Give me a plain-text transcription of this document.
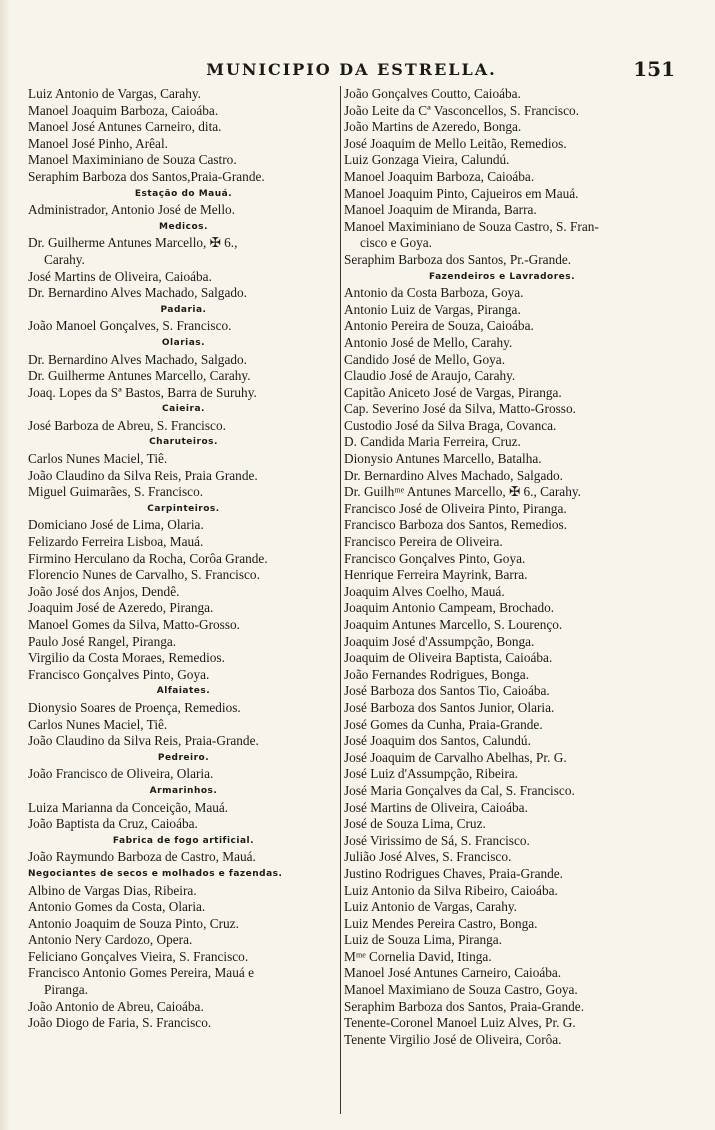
MUNICIPIO DA ESTRELLA.	151
Luiz Antonio de Vargas, Carahy.
Manoel Joaquim Barboza, Caioába.
Manoel José Antunes Carneiro, dita.
Manoel José Pinho, Arêal.
Manoel Maximiniano de Souza Castro.
Seraphim Barboza dos Santos,Praia-Grande.
Estação do Mauá.
Administrador, Antonio José de Mello.
Medicos.
Dr. Guilherme Antunes Marcello, ✠ 6.,
Carahy.
José Martins de Oliveira, Caioába.
Dr. Bernardino Alves Machado, Salgado.
Padaria.
João Manoel Gonçalves, S. Francisco.
Olarias.
Dr. Bernardino Alves Machado, Salgado.
Dr. Guilherme Antunes Marcello, Carahy.
Joaq. Lopes da Sª Bastos, Barra de Suruhy.
Caieira.
José Barboza de Abreu, S. Francisco.
Charuteiros.
Carlos Nunes Maciel, Tiê.
João Claudino da Silva Reis, Praia Grande.
Miguel Guimarães, S. Francisco.
Carpinteiros.
Domiciano José de Lima, Olaria.
Felizardo Ferreira Lisboa, Mauá.
Firmino Herculano da Rocha, Corôa Grande.
Florencio Nunes de Carvalho, S. Francisco.
João José dos Anjos, Dendê.
Joaquim José de Azeredo, Piranga.
Manoel Gomes da Silva, Matto-Grosso.
Paulo José Rangel, Piranga.
Virgilio da Costa Moraes, Remedios.
Francisco Gonçalves Pinto, Goya.
Alfaiates.
Dionysio Soares de Proença, Remedios.
Carlos Nunes Maciel, Tiê.
João Claudino da Silva Reis, Praia-Grande.
Pedreiro.
João Francisco de Oliveira, Olaria.
Armarinhos.
Luiza Marianna da Conceição, Mauá.
João Baptista da Cruz, Caioába.
Fabrica de fogo artificial.
João Raymundo Barboza de Castro, Mauá.
Negociantes de secos e molhados e fazendas.
Albino de Vargas Dias, Ribeira.
Antonio Gomes da Costa, Olaria.
Antonio Joaquim de Souza Pinto, Cruz.
Antonio Nery Cardozo, Opera.
Feliciano Gonçalves Vieira, S. Francisco.
Francisco Antonio Gomes Pereira, Mauá e
Piranga.
João Antonio de Abreu, Caioába.
João Diogo de Faria, S. Francisco.
João Gonçalves Coutto, Caioába.
João Leite da Cª Vasconcellos, S. Francisco.
João Martins de Azeredo, Bonga.
José Joaquim de Mello Leitão, Remedios.
Luiz Gonzaga Vieira, Calundú.
Manoel Joaquim Barboza, Caioába.
Manoel Joaquim Pinto, Cajueiros em Mauá.
Manoel Joaquim de Miranda, Barra.
Manoel Maximiniano de Souza Castro, S. Fran-
cisco e Goya.
Seraphim Barboza dos Santos, Pr.-Grande.
Fazendeiros e Lavradores.
Antonio da Costa Barboza, Goya.
Antonio Luiz de Vargas, Piranga.
Antonio Pereira de Souza, Caioába.
Antonio José de Mello, Carahy.
Candido José de Mello, Goya.
Claudio José de Araujo, Carahy.
Capitão Aniceto José de Vargas, Piranga.
Cap. Severino José da Silva, Matto-Grosso.
Custodio José da Silva Braga, Covanca.
D. Candida Maria Ferreira, Cruz.
Dionysio Antunes Marcello, Batalha.
Dr. Bernardino Alves Machado, Salgado.
Dr. Guilhᵐᵉ Antunes Marcello, ✠ 6., Carahy.
Francisco José de Oliveira Pinto, Piranga.
Francisco Barboza dos Santos, Remedios.
Francisco Pereira de Oliveira.
Francisco Gonçalves Pinto, Goya.
Henrique Ferreira Mayrink, Barra.
Joaquim Alves Coelho, Mauá.
Joaquim Antonio Campeam, Brochado.
Joaquim Antunes Marcello, S. Lourenço.
Joaquim José d'Assumpção, Bonga.
Joaquim de Oliveira Baptista, Caioába.
João Fernandes Rodrigues, Bonga.
José Barboza dos Santos Tio, Caioába.
José Barboza dos Santos Junior, Olaria.
José Gomes da Cunha, Praia-Grande.
José Joaquim dos Santos, Calundú.
José Joaquim de Carvalho Abelhas, Pr. G.
José Luiz d'Assumpção, Ribeira.
José Maria Gonçalves da Cal, S. Francisco.
José Martins de Oliveira, Caioába.
José de Souza Lima, Cruz.
José Virissimo de Sá, S. Francisco.
Julião José Alves, S. Francisco.
Justino Rodrigues Chaves, Praia-Grande.
Luiz Antonio da Silva Ribeiro, Caioába.
Luiz Antonio de Vargas, Carahy.
Luiz Mendes Pereira Castro, Bonga.
Luiz de Souza Lima, Piranga.
Mᵐᵉ Cornelia David, Itinga.
Manoel José Antunes Carneiro, Caioába.
Manoel Maximiano de Souza Castro, Goya.
Seraphim Barboza dos Santos, Praia-Grande.
Tenente-Coronel Manoel Luiz Alves, Pr. G.
Tenente Virgilio José de Oliveira, Corôa.
